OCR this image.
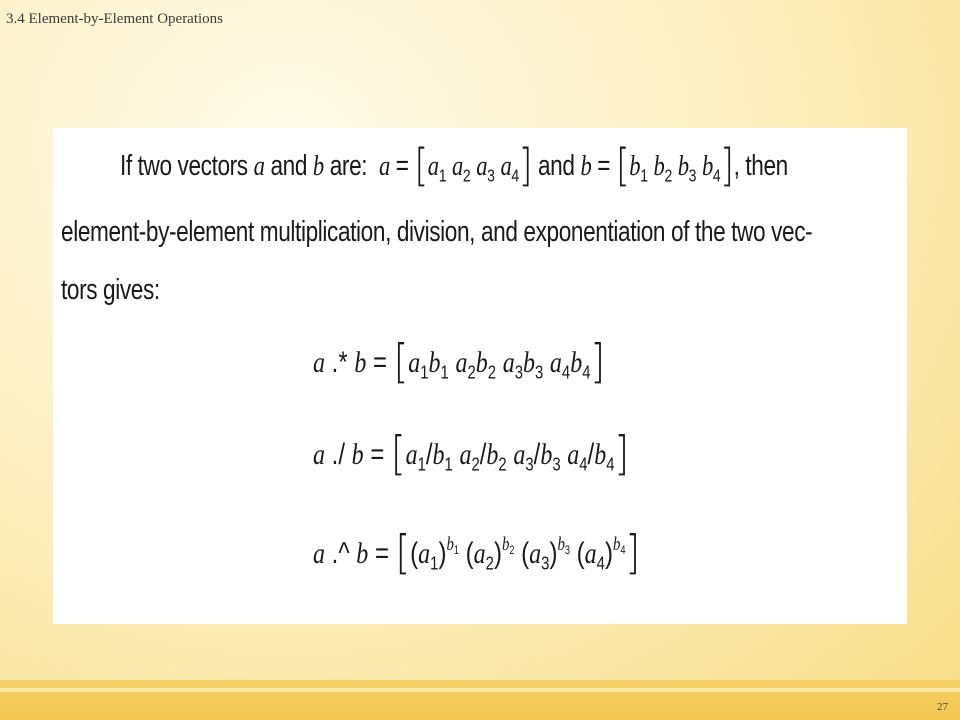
3.4 Element-by-Element Operations

If two vectors a and b are:  $a = [a_1$ $a_2$ $a_3$ $a_4$] and $b = [b_1$ $b_2$ $b_3$ $b_4$], then

element-by-element multiplication, division, and exponentiation of the two vec-

tors gives:

a .* $b = [a_1b_1$ $a_2b_2$ $a_3b_3$ $a_4b_4$]

a ./ $b = [a_1/b_1$ $a_2/b_2$ $a_3/b_3$ $a_4/b_4$]

a .^ $b = [(a_1)^{b_1}$ $(a_2)^{b_2}$ $(a_3)^{b_3}$ $(a_4)^{b_4}$]

27
